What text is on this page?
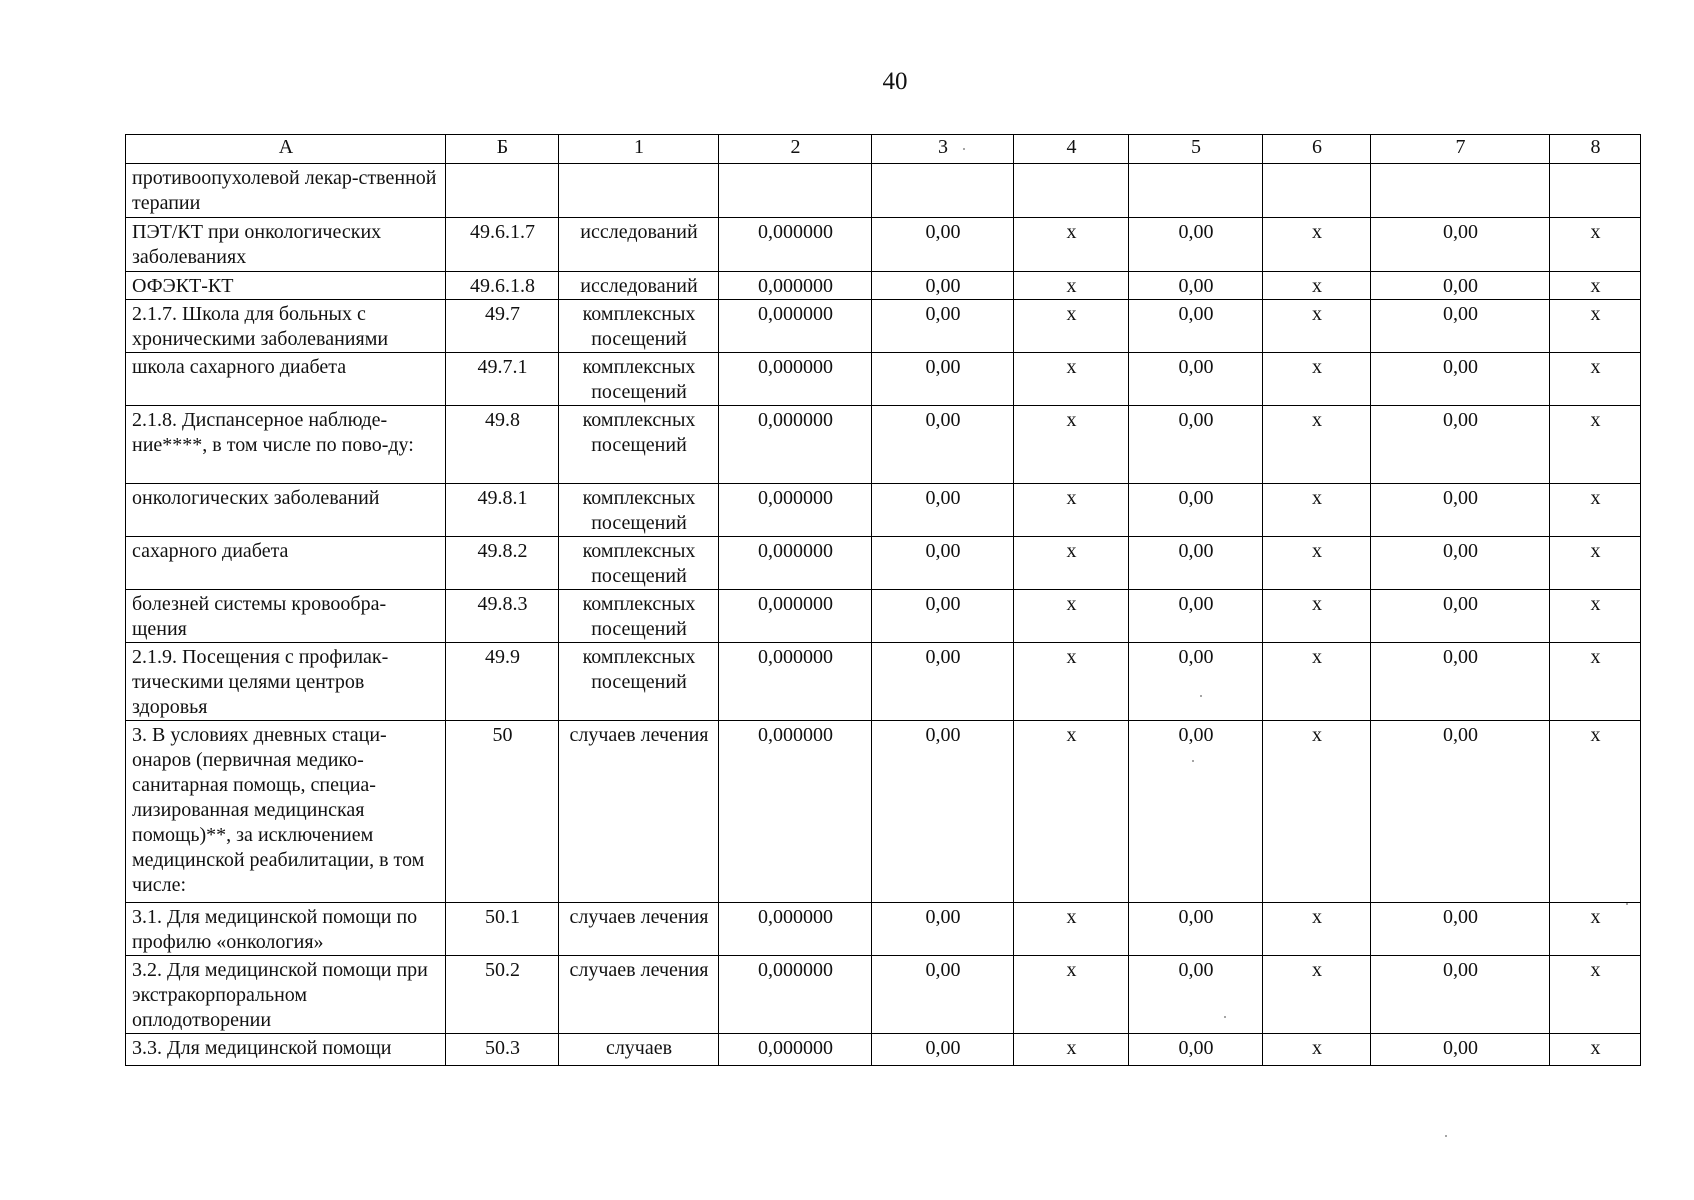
40
А	Б	1	2	3	4	5	6	7	8
противоопухолевой лекар-ственной терапии									
ПЭТ/КТ при онкологических заболеваниях	49.6.1.7	исследований	0,000000	0,00	х	0,00	х	0,00	х
ОФЭКТ-КТ	49.6.1.8	исследований	0,000000	0,00	х	0,00	х	0,00	х
2.1.7. Школа для больных с хроническими заболеваниями	49.7	комплексных посещений	0,000000	0,00	х	0,00	х	0,00	х
школа сахарного диабета	49.7.1	комплексных посещений	0,000000	0,00	х	0,00	х	0,00	х
2.1.8. Диспансерное наблюде-ние****, в том числе по пово-ду:	49.8	комплексных посещений	0,000000	0,00	х	0,00	х	0,00	х
онкологических заболеваний	49.8.1	комплексных посещений	0,000000	0,00	х	0,00	х	0,00	х
сахарного диабета	49.8.2	комплексных посещений	0,000000	0,00	х	0,00	х	0,00	х
болезней системы кровообра-щения	49.8.3	комплексных посещений	0,000000	0,00	х	0,00	х	0,00	х
2.1.9. Посещения с профилак-тическими целями центров здоровья	49.9	комплексных посещений	0,000000	0,00	х	0,00	х	0,00	х
3. В условиях дневных стаци-онаров (первичная медико-санитарная помощь, специа-лизированная медицинская помощь)**, за исключением медицинской реабилитации, в том числе:	50	случаев лечения	0,000000	0,00	х	0,00	х	0,00	х
3.1. Для медицинской помощи по профилю «онкология»	50.1	случаев лечения	0,000000	0,00	х	0,00	х	0,00	х
3.2. Для медицинской помощи при экстракорпоральном оплодотворении	50.2	случаев лечения	0,000000	0,00	х	0,00	х	0,00	х
3.3. Для медицинской помощи	50.3	случаев	0,000000	0,00	х	0,00	х	0,00	х
